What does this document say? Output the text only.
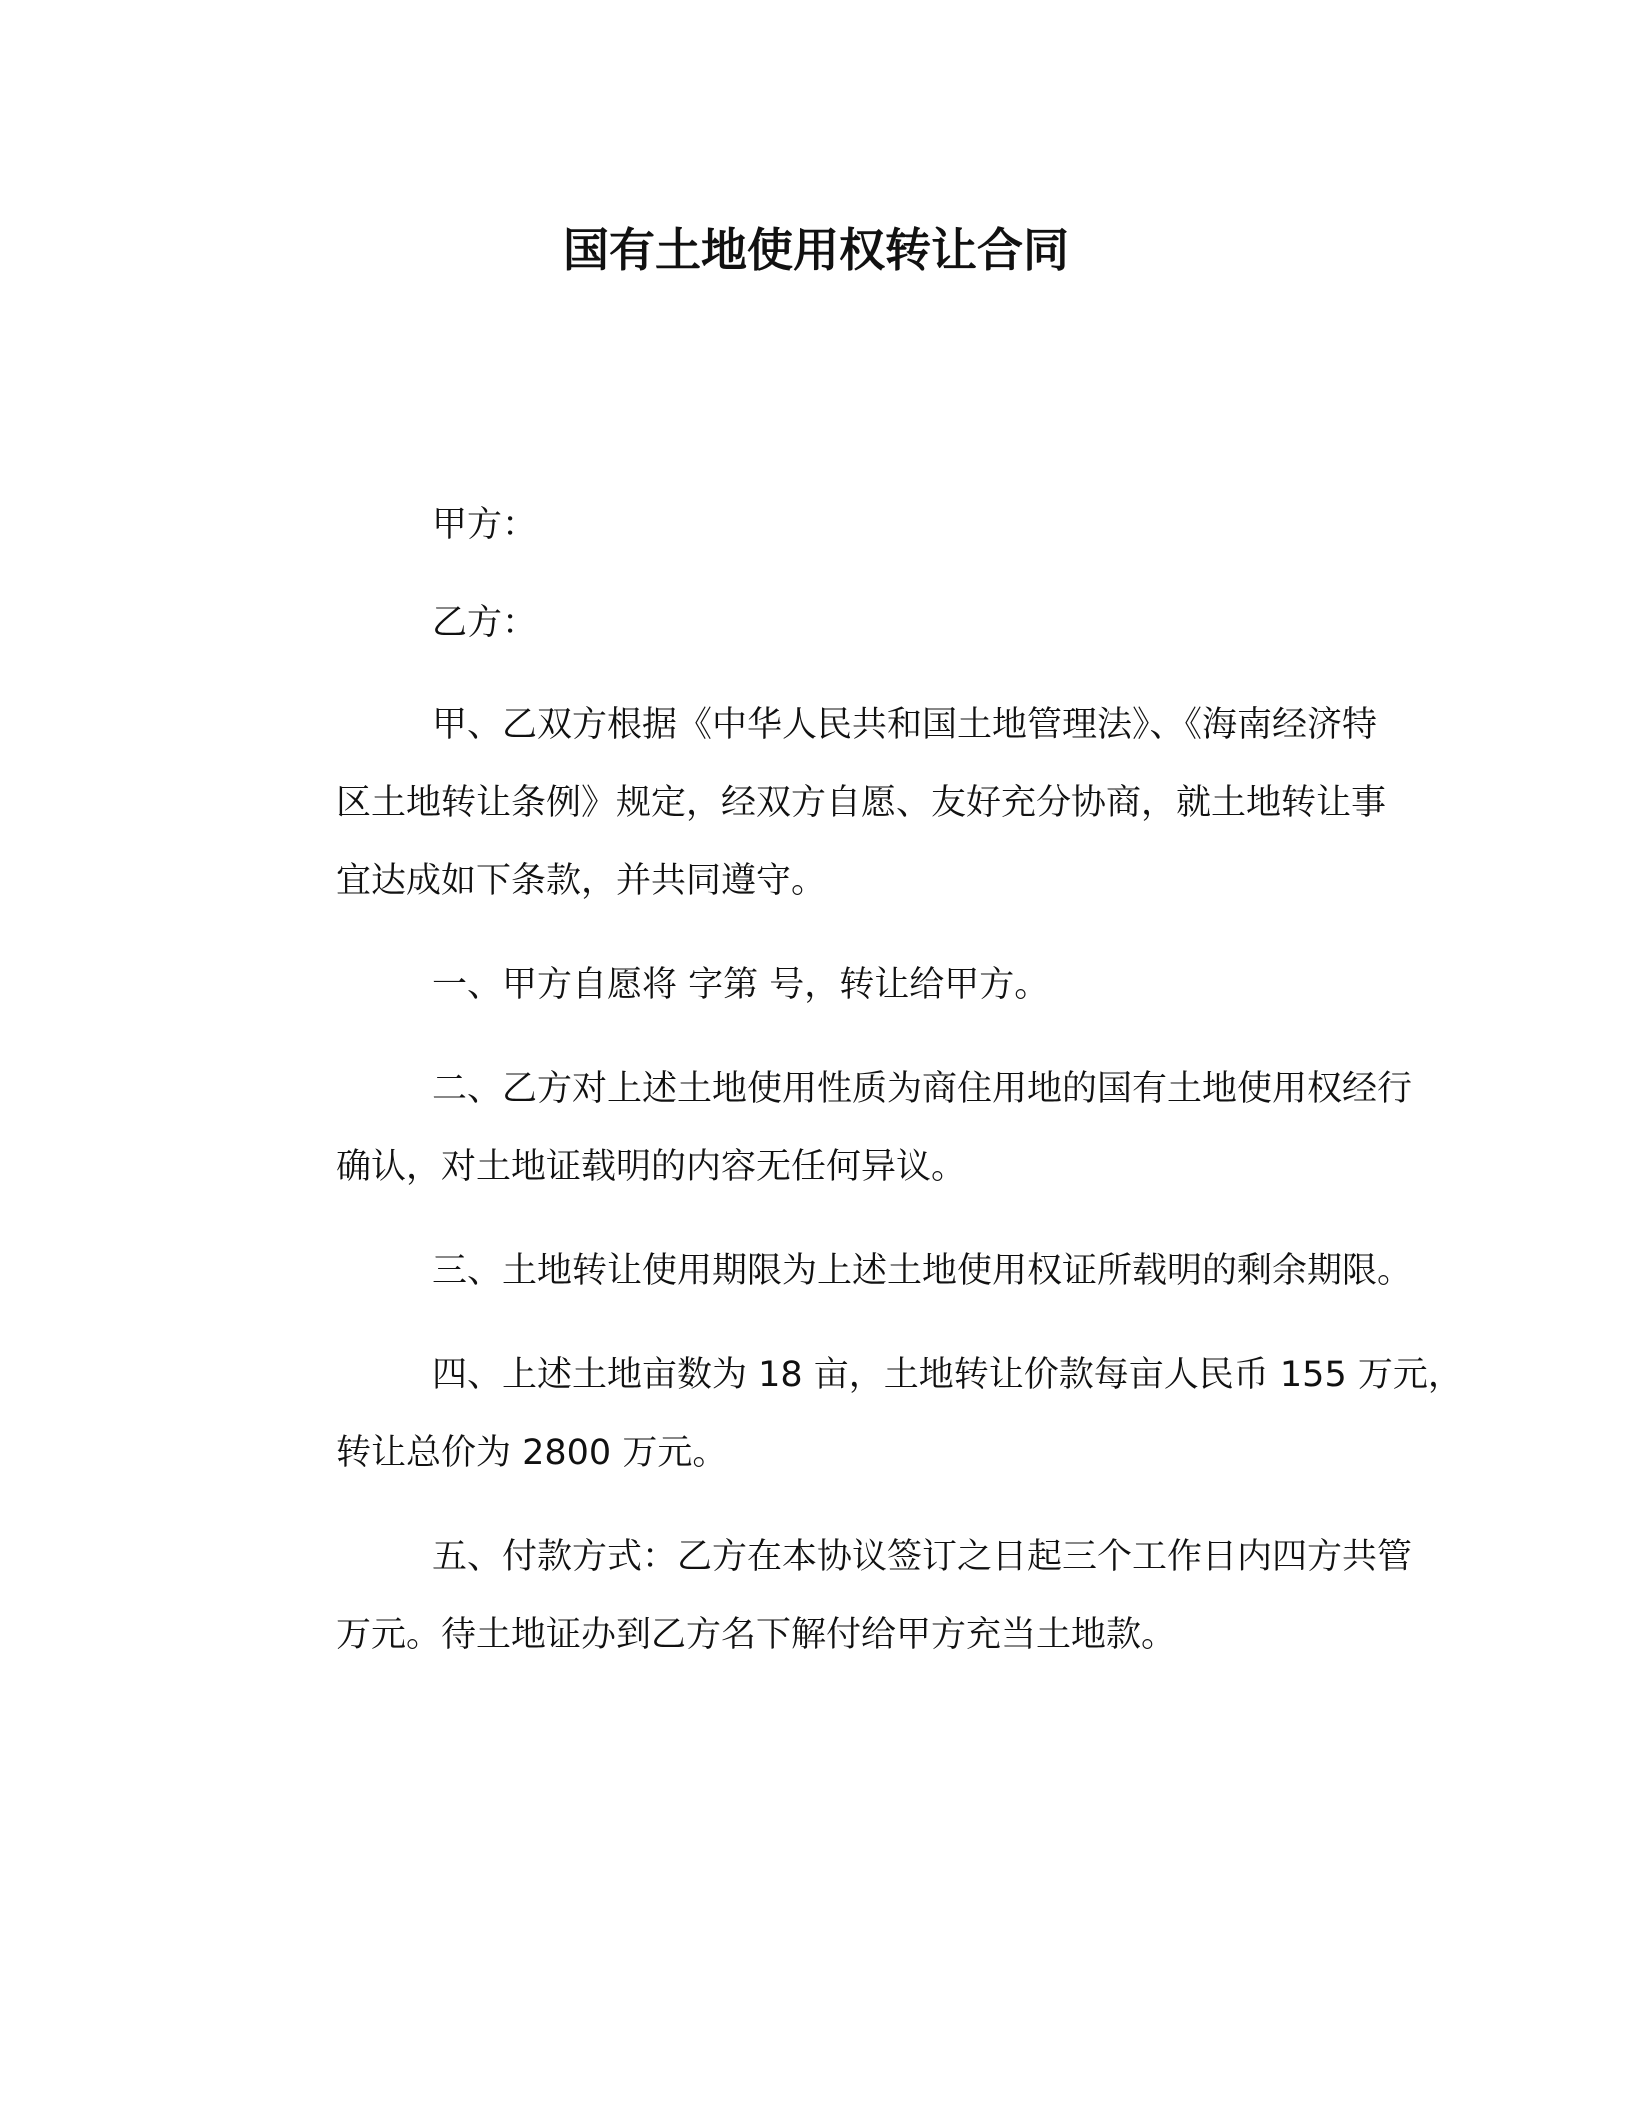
国有土地使用权转让合同
甲方：
乙方：
甲、乙双方根据《中华人民共和国土地管理法》、《海南经济特
区土地转让条例》规定，经双方自愿、友好充分协商，就土地转让事
宜达成如下条款，并共同遵守。
一、甲方自愿将 字第 号，转让给甲方。
二、乙方对上述土地使用性质为商住用地的国有土地使用权经行
确认，对土地证载明的内容无任何异议。
三、土地转让使用期限为上述土地使用权证所载明的剩余期限。
四、上述土地亩数为 18 亩，土地转让价款每亩人民币 155 万元，
转让总价为 2800 万元。
五、付款方式：乙方在本协议签订之日起三个工作日内四方共管
万元。待土地证办到乙方名下解付给甲方充当土地款。
